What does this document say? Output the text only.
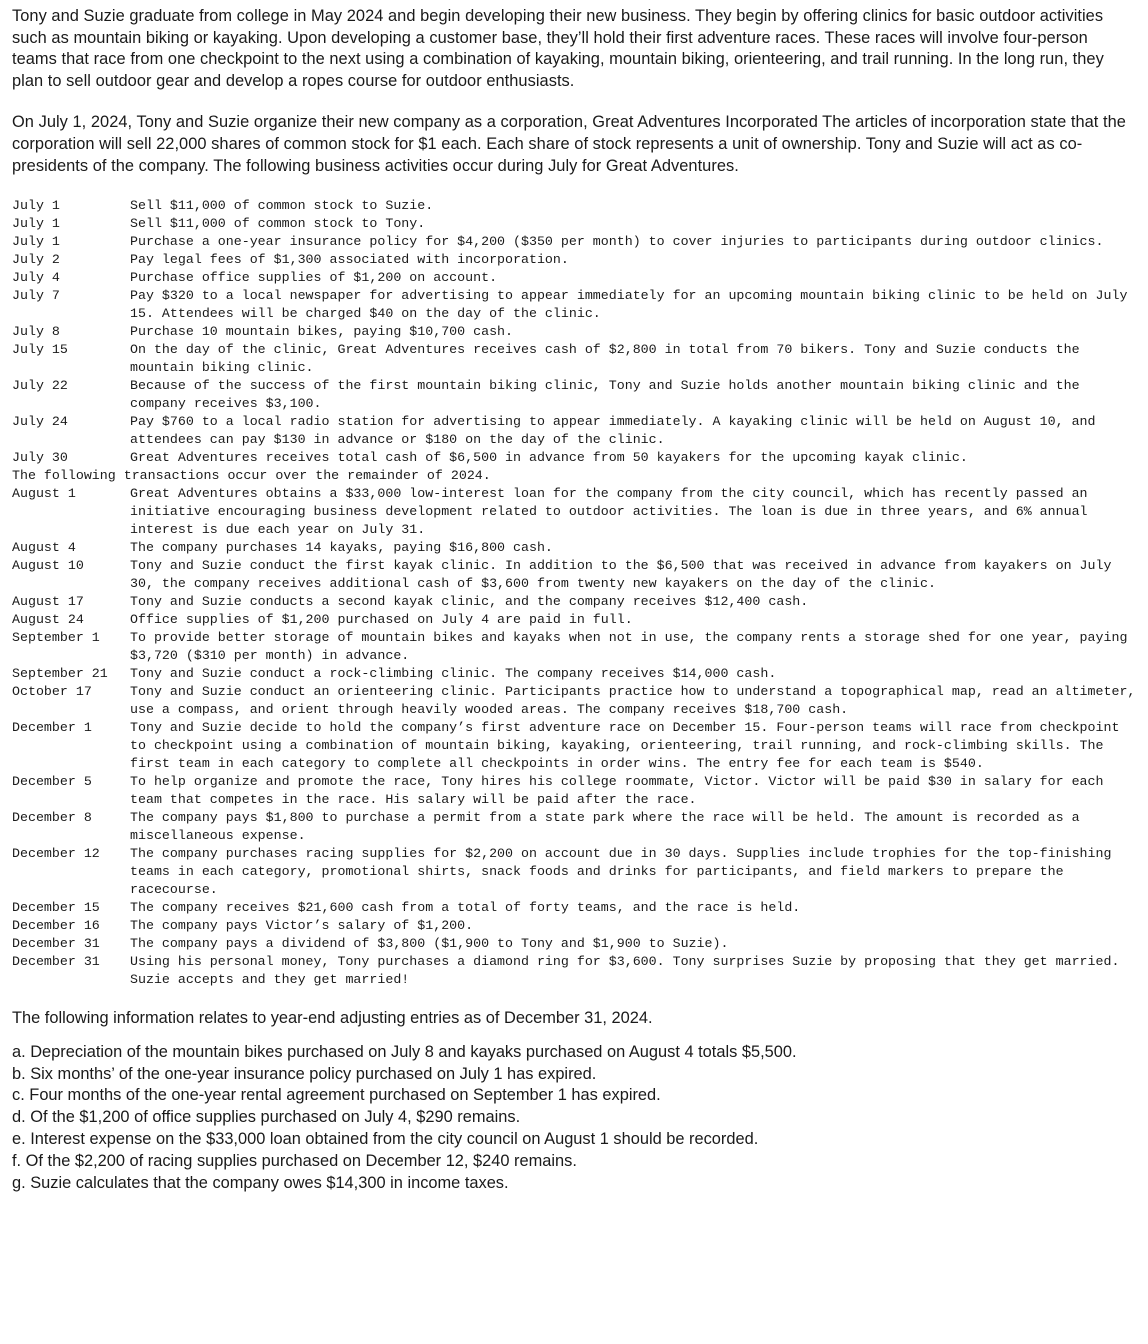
Tony and Suzie graduate from college in May 2024 and begin developing their new business. They begin by offering clinics for basic outdoor activities such as mountain biking or kayaking. Upon developing a customer base, they’ll hold their first adventure races. These races will involve four-person teams that race from one checkpoint to the next using a combination of kayaking, mountain biking, orienteering, and trail running. In the long run, they plan to sell outdoor gear and develop a ropes course for outdoor enthusiasts.

On July 1, 2024, Tony and Suzie organize their new company as a corporation, Great Adventures Incorporated The articles of incorporation state that the corporation will sell 22,000 shares of common stock for $1 each. Each share of stock represents a unit of ownership. Tony and Suzie will act as co-presidents of the company. The following business activities occur during July for Great Adventures.

July 1	Sell $11,000 of common stock to Suzie.
July 1	Sell $11,000 of common stock to Tony.
July 1	Purchase a one-year insurance policy for $4,200 ($350 per month) to cover injuries to participants during outdoor clinics.
July 2	Pay legal fees of $1,300 associated with incorporation.
July 4	Purchase office supplies of $1,200 on account.
July 7	Pay $320 to a local newspaper for advertising to appear immediately for an upcoming mountain biking clinic to be held on July 15. Attendees will be charged $40 on the day of the clinic.
July 8	Purchase 10 mountain bikes, paying $10,700 cash.
July 15	On the day of the clinic, Great Adventures receives cash of $2,800 in total from 70 bikers. Tony and Suzie conducts the mountain biking clinic.
July 22	Because of the success of the first mountain biking clinic, Tony and Suzie holds another mountain biking clinic and the company receives $3,100.
July 24	Pay $760 to a local radio station for advertising to appear immediately. A kayaking clinic will be held on August 10, and attendees can pay $130 in advance or $180 on the day of the clinic.
July 30	Great Adventures receives total cash of $6,500 in advance from 50 kayakers for the upcoming kayak clinic.
The following transactions occur over the remainder of 2024.
August 1	Great Adventures obtains a $33,000 low-interest loan for the company from the city council, which has recently passed an initiative encouraging business development related to outdoor activities. The loan is due in three years, and 6% annual interest is due each year on July 31.
August 4	The company purchases 14 kayaks, paying $16,800 cash.
August 10	Tony and Suzie conduct the first kayak clinic. In addition to the $6,500 that was received in advance from kayakers on July 30, the company receives additional cash of $3,600 from twenty new kayakers on the day of the clinic.
August 17	Tony and Suzie conducts a second kayak clinic, and the company receives $12,400 cash.
August 24	Office supplies of $1,200 purchased on July 4 are paid in full.
September 1	To provide better storage of mountain bikes and kayaks when not in use, the company rents a storage shed for one year, paying $3,720 ($310 per month) in advance.
September 21	Tony and Suzie conduct a rock-climbing clinic. The company receives $14,000 cash.
October 17	Tony and Suzie conduct an orienteering clinic. Participants practice how to understand a topographical map, read an altimeter, use a compass, and orient through heavily wooded areas. The company receives $18,700 cash.
December 1	Tony and Suzie decide to hold the company’s first adventure race on December 15. Four-person teams will race from checkpoint to checkpoint using a combination of mountain biking, kayaking, orienteering, trail running, and rock-climbing skills. The first team in each category to complete all checkpoints in order wins. The entry fee for each team is $540.
December 5	To help organize and promote the race, Tony hires his college roommate, Victor. Victor will be paid $30 in salary for each team that competes in the race. His salary will be paid after the race.
December 8	The company pays $1,800 to purchase a permit from a state park where the race will be held. The amount is recorded as a miscellaneous expense.
December 12	The company purchases racing supplies for $2,200 on account due in 30 days. Supplies include trophies for the top-finishing teams in each category, promotional shirts, snack foods and drinks for participants, and field markers to prepare the racecourse.
December 15	The company receives $21,600 cash from a total of forty teams, and the race is held.
December 16	The company pays Victor’s salary of $1,200.
December 31	The company pays a dividend of $3,800 ($1,900 to Tony and $1,900 to Suzie).
December 31	Using his personal money, Tony purchases a diamond ring for $3,600. Tony surprises Suzie by proposing that they get married. Suzie accepts and they get married!
The following information relates to year-end adjusting entries as of December 31, 2024.
a. Depreciation of the mountain bikes purchased on July 8 and kayaks purchased on August 4 totals $5,500.
b. Six months’ of the one-year insurance policy purchased on July 1 has expired.
c. Four months of the one-year rental agreement purchased on September 1 has expired.
d. Of the $1,200 of office supplies purchased on July 4, $290 remains.
e. Interest expense on the $33,000 loan obtained from the city council on August 1 should be recorded.
f. Of the $2,200 of racing supplies purchased on December 12, $240 remains.
g. Suzie calculates that the company owes $14,300 in income taxes.
